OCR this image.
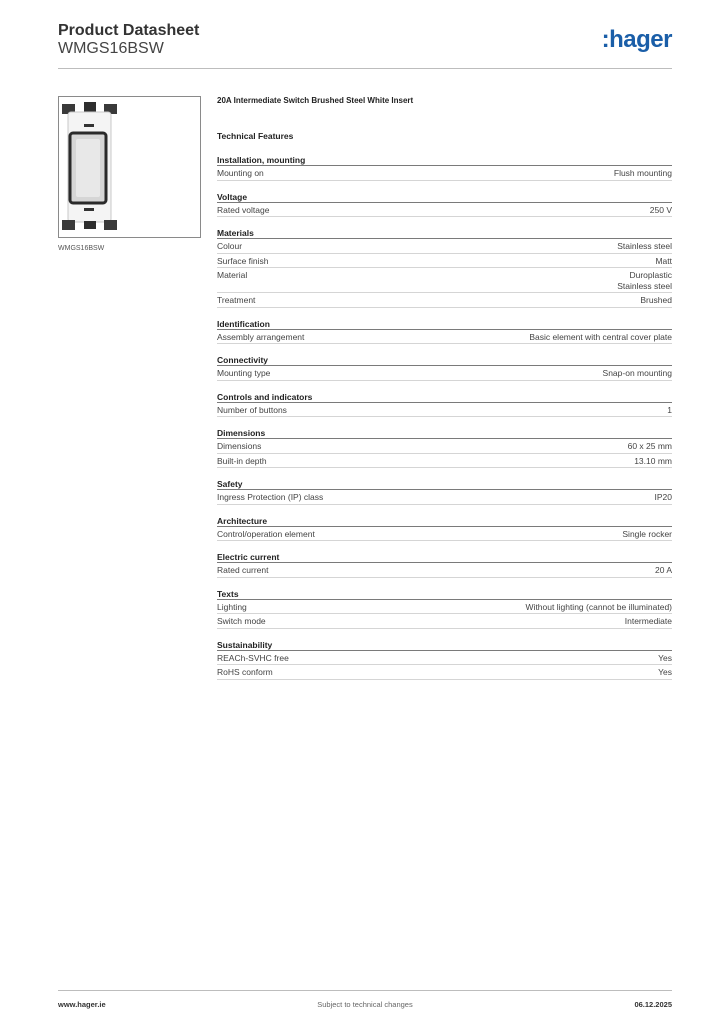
Product Datasheet
WMGS16BSW	:hager
WMGS16BSW
20A Intermediate Switch Brushed Steel White Insert
Technical Features
Installation, mounting
Mounting on	Flush mounting
Voltage
Rated voltage	250 V
Materials
Colour	Stainless steel
Surface finish	Matt
Material	Duroplastic
Stainless steel
Treatment	Brushed
Identification
Assembly arrangement	Basic element with central cover plate
Connectivity
Mounting type	Snap-on mounting
Controls and indicators
Number of buttons	1
Dimensions
Dimensions	60 x 25 mm
Built-in depth	13.10 mm
Safety
Ingress Protection (IP) class	IP20
Architecture
Control/operation element	Single rocker
Electric current
Rated current	20 A
Texts
Lighting	Without lighting (cannot be illuminated)
Switch mode	Intermediate
Sustainability
REACh-SVHC free	Yes
RoHS conform	Yes
www.hager.ie	Subject to technical changes	06.12.2025
